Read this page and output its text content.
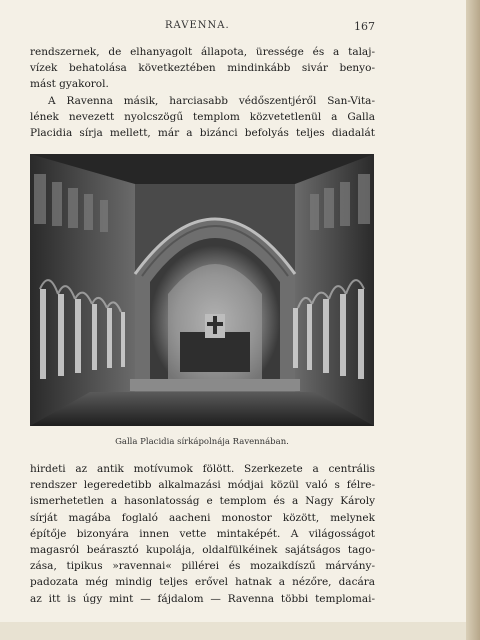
RAVENNA.	167
rendszernek, de elhanyagolt állapota, üressége és a talaj-
vízek behatolása következtében mindinkább sivár benyo-
mást gyakorol.
A Ravenna másik, harciasabb védőszentjéről San-Vita-
lének nevezett nyolcszögű templom közvetetlenül a Galla
Placidia sírja mellett, már a bizánci befolyás teljes diadalát
Galla Placidia sírkápolnája Ravennában.
hirdeti az antik motívumok fölött. Szerkezete a centrális
rendszer legeredetibb alkalmazási módjai közül való s félre-
ismerhetetlen a hasonlatosság e templom és a Nagy Károly
sírját magába foglaló aacheni monostor között, melynek
építője bizonyára innen vette mintaképét. A világosságot
magasról beárasztó kupolája, oldalfülkéinek sajátságos tago-
zása, tipikus »ravennai« pillérei és mozaikdíszű márvány-
padozata még mindig teljes erővel hatnak a nézőre, dacára
az itt is úgy mint — fájdalom — Ravenna többi templomai-
